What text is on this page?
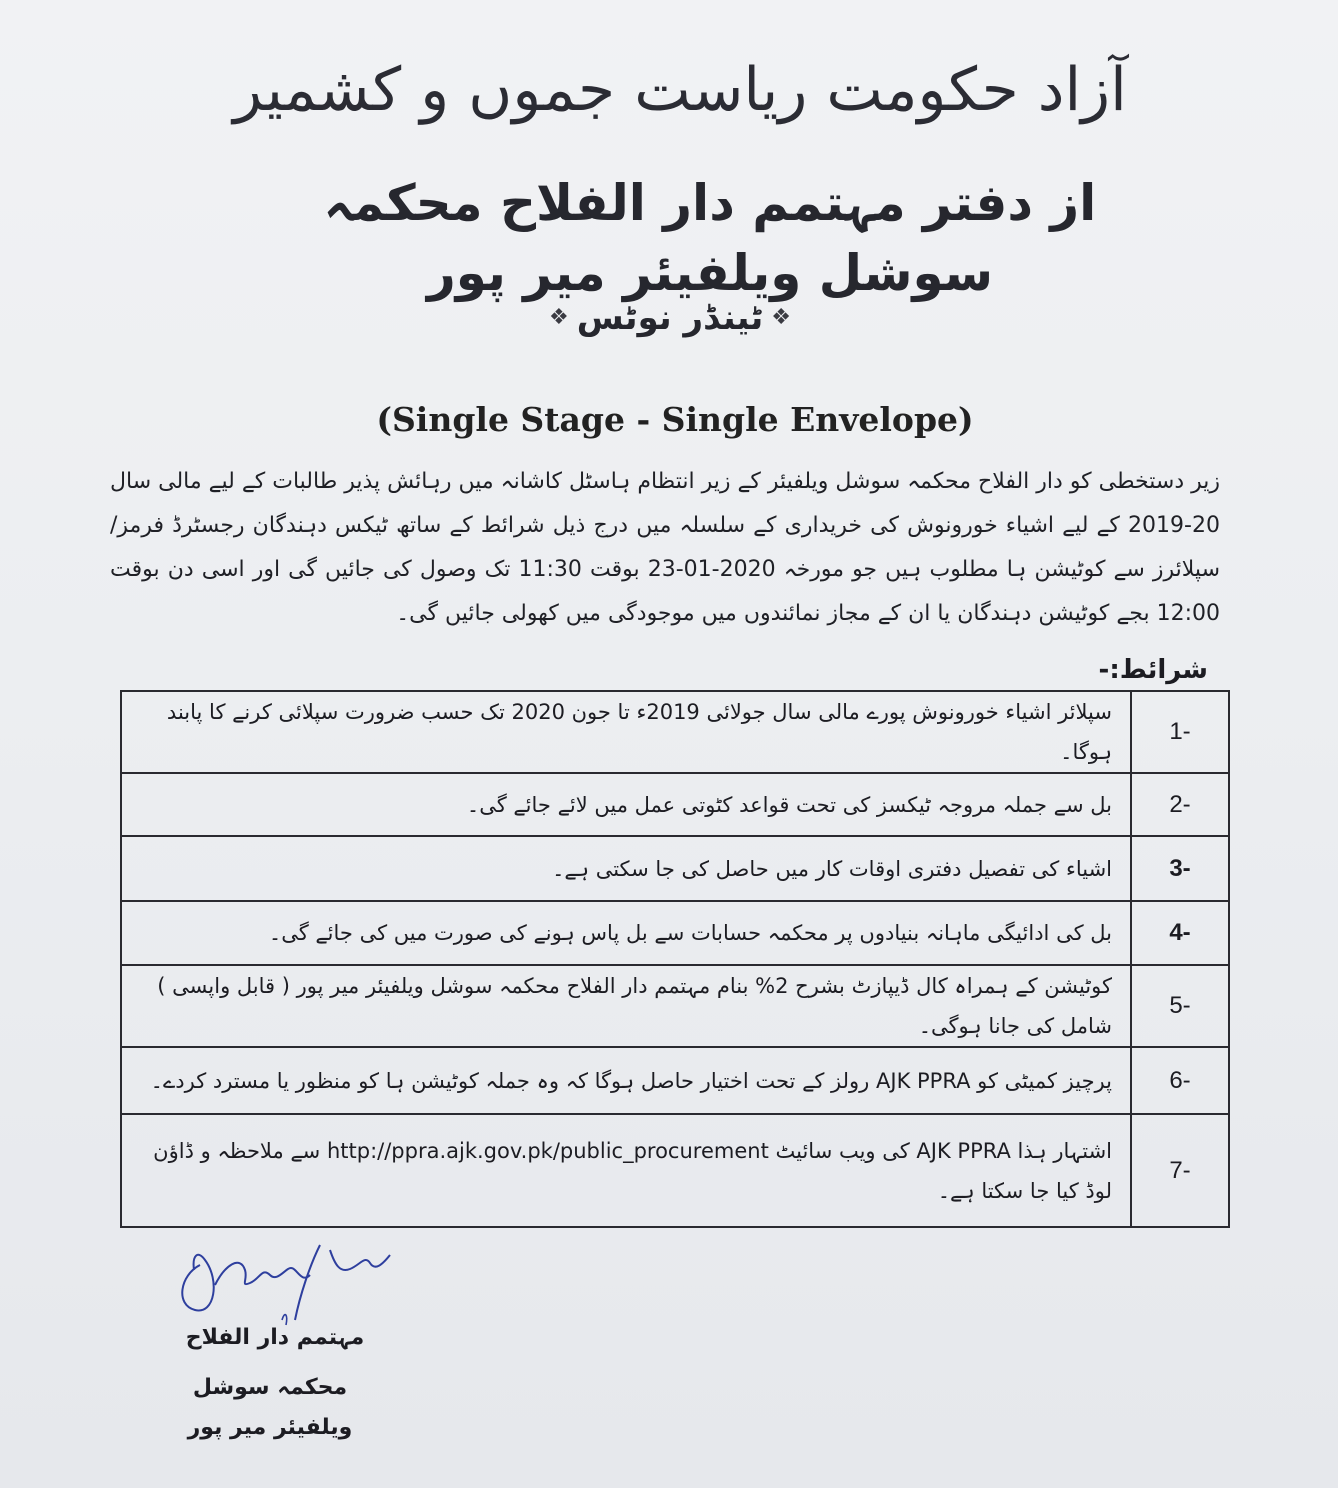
آزاد حکومت ریاست جموں و کشمیر
از دفتر مہتمم دار الفلاح محکمہ سوشل ویلفیئر میر پور
❖ ٹینڈر نوٹس ❖
(Single Stage - Single Envelope)
زیر دستخطی کو دار الفلاح محکمہ سوشل ویلفیئر کے زیر انتظام ہاسٹل کاشانہ میں رہائش پذیر طالبات کے لیے مالی سال 20-2019 کے لیے اشیاء خورونوش کی خریداری کے سلسلہ میں درج ذیل شرائط کے ساتھ ٹیکس دہندگان رجسٹرڈ فرمز/ سپلائرز سے کوٹیشن ہا مطلوب ہیں جو مورخہ 2020-01-23 بوقت 11:30 تک وصول کی جائیں گی اور اسی دن بوقت 12:00 بجے کوٹیشن دہندگان یا ان کے مجاز نمائندوں میں موجودگی میں کھولی جائیں گی۔
شرائط:-
سپلائر اشیاء خورونوش پورے مالی سال جولائی 2019ء تا جون 2020 تک حسب ضرورت سپلائی کرنے کا پابند ہوگا۔	1-
بل سے جملہ مروجہ ٹیکسز کی تحت قواعد کٹوتی عمل میں لائے جائے گی۔	2-
اشیاء کی تفصیل دفتری اوقات کار میں حاصل کی جا سکتی ہے۔	3-
بل کی ادائیگی ماہانہ بنیادوں پر محکمہ حسابات سے بل پاس ہونے کی صورت میں کی جائے گی۔	4-
کوٹیشن کے ہمراہ کال ڈیپازٹ بشرح 2% بنام مہتمم دار الفلاح محکمہ سوشل ویلفیئر میر پور ( قابل واپسی ) شامل کی جانا ہوگی۔	5-
پرچیز کمیٹی کو AJK PPRA رولز کے تحت اختیار حاصل ہوگا کہ وہ جملہ کوٹیشن ہا کو منظور یا مسترد کردے۔	6-
اشتہار ہذا AJK PPRA کی ویب سائیٹ http://ppra.ajk.gov.pk/public_procurement سے ملاحظہ و ڈاؤن لوڈ کیا جا سکتا ہے۔	7-
مہتمم دار الفلاح
محکمہ سوشل ویلفیئر میر پور
